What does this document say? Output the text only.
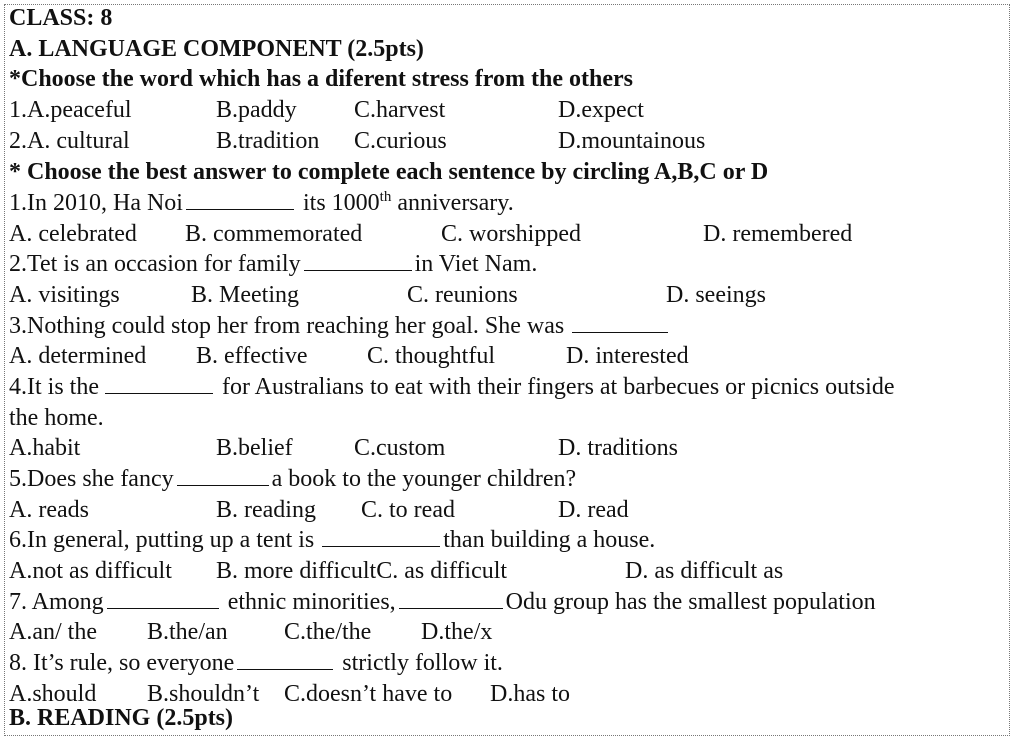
CLASS: 8
A. LANGUAGE COMPONENT (2.5pts)
*Choose the word which has a diferent stress from the others
1.A.peaceful	B.paddy C.harvest	D.expect
2.A. cultural	B.tradition C.curious	D.mountainous
* Choose the best answer to complete each sentence by circling A,B,C or D
1.In 2010, Ha Noi	its 1000th anniversary.
A. celebrated B. commemorated	C. worshipped	D. remembered
2.Tet is an occasion for family	in Viet Nam.
A. visitings	B. Meeting	C. reunions	D. seeings
3.Nothing could stop her from reaching her goal. She was
A. determined B. effective C. thoughtful	D. interested
4.It is the	for Australians to eat with their fingers at barbecues or picnics outside
the home.
A.habit	B.belief	C.custom	D. traditions
5.Does she fancy	a book to the younger children?
A. reads	B. reading C. to read	D. read
6.In general, putting up a tent is	than building a house.
A.not as difficult B. more difficultC. as difficult	D. as difficult as
7. Among	ethnic minorities,	Odu group has the smallest population
A.an/ the B.the/an C.the/the D.the/x
8. It’s rule, so everyone	strictly follow it.
A.should B.shouldn’t C.doesn’t have to D.has to
B. READING (2.5pts)
